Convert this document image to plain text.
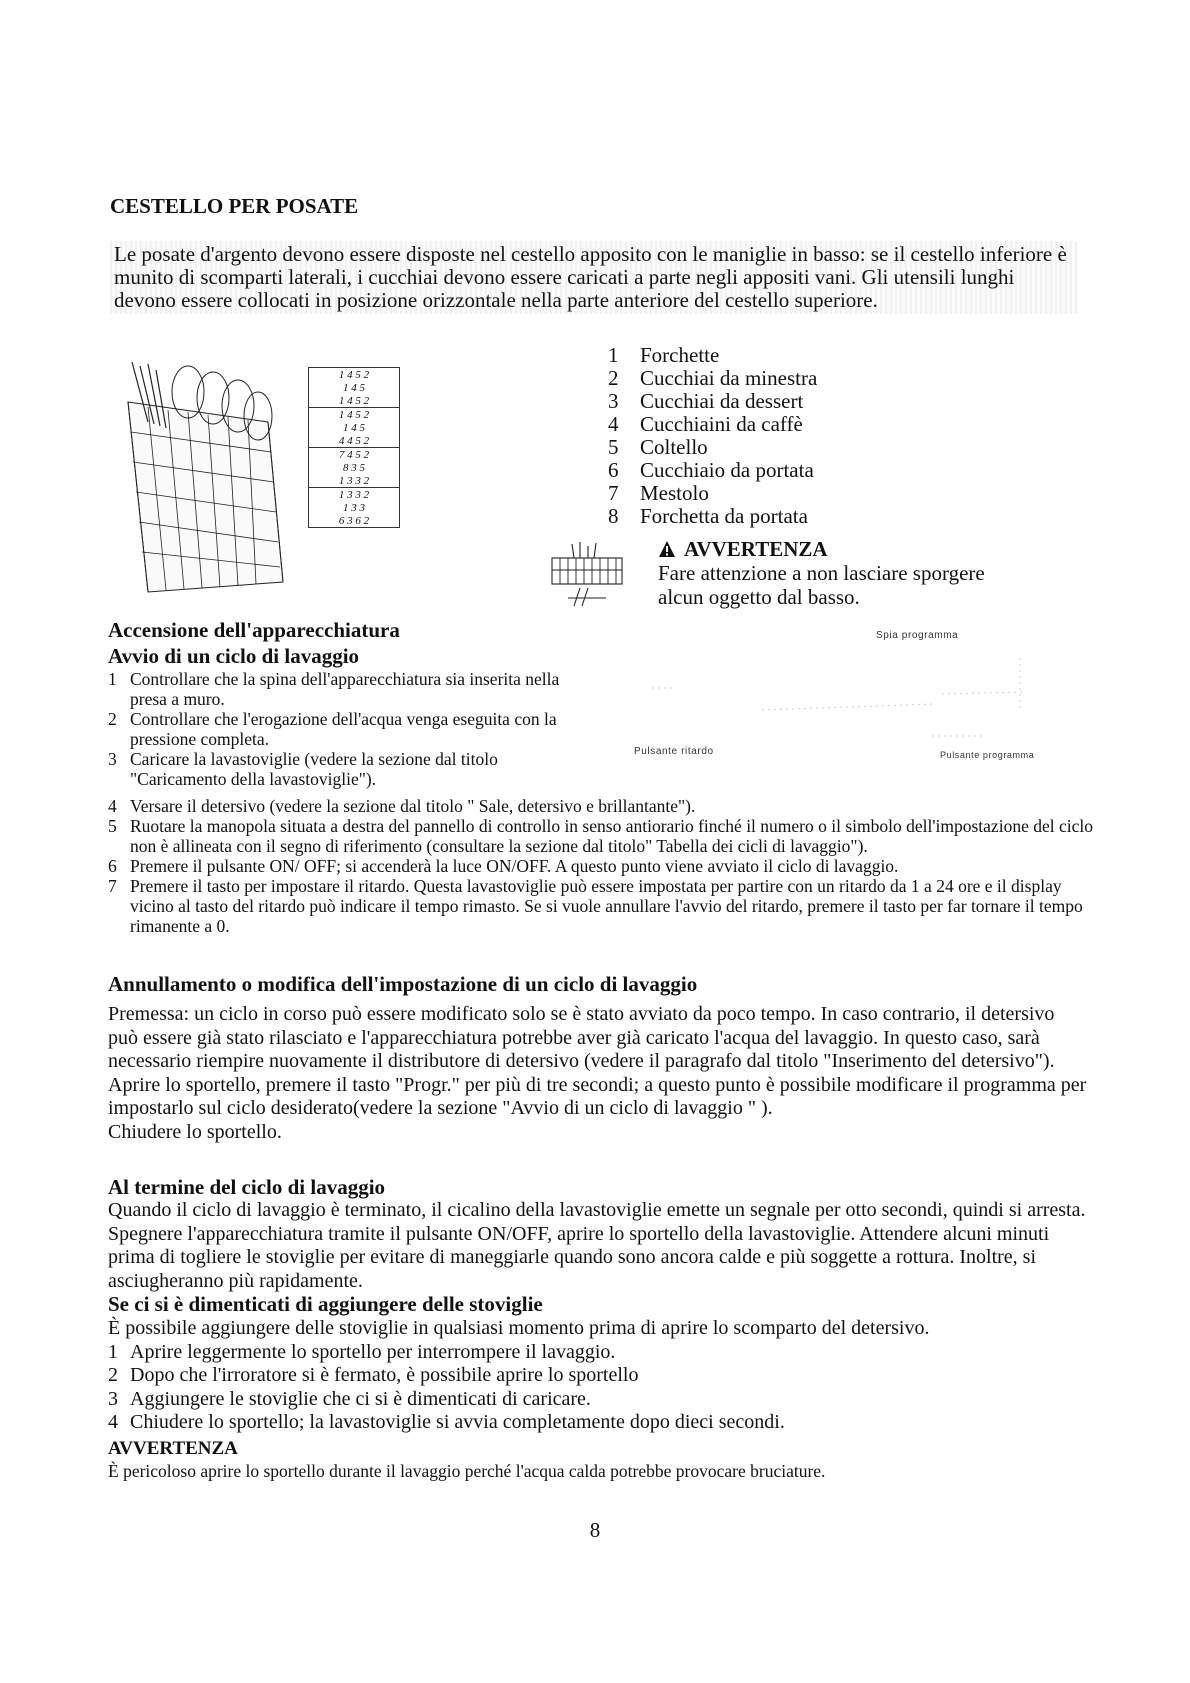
CESTELLO PER POSATE
Le posate d'argento devono essere disposte nel cestello apposito con le maniglie in basso: se il cestello inferiore è munito di scomparti laterali, i cucchiai devono essere caricati a parte negli appositi vani. Gli utensili lunghi devono essere collocati in posizione orizzontale nella parte anteriore del cestello superiore.
1 4 5 2
1 4 5
1 4 5 2
1 4 5 2
1 4 5
4 4 5 2
7 4 5 2
8 3 5
1 3 3 2
1 3 3 2
1 3 3
6 3 6 2
1	Forchette
2	Cucchiai da minestra
3	Cucchiai da dessert
4	Cucchiaini da caffè
5	Coltello
6	Cucchiaio da portata
7	Mestolo
8	Forchetta da portata
AVVERTENZA
Fare attenzione a non lasciare sporgere
alcun oggetto dal basso.
Spia programma
Pulsante ritardo	Pulsante programma
Accensione dell'apparecchiatura
Avvio di un ciclo di lavaggio
1 Controllare che la spina dell'apparecchiatura sia inserita nella presa a muro.
2 Controllare che l'erogazione dell'acqua venga eseguita con la pressione completa.
3 Caricare la lavastoviglie (vedere la sezione dal titolo "Caricamento della lavastoviglie").
4 Versare il detersivo (vedere la sezione dal titolo " Sale, detersivo e brillantante").
5 Ruotare la manopola situata a destra del pannello di controllo in senso antiorario finché il numero o il simbolo dell'impostazione del ciclo non è allineata con il segno di riferimento (consultare la sezione dal titolo" Tabella dei cicli di lavaggio").
6 Premere il pulsante ON/ OFF; si accenderà la luce ON/OFF. A questo punto viene avviato il ciclo di lavaggio.
7 Premere il tasto per impostare il ritardo. Questa lavastoviglie può essere impostata per partire con un ritardo da 1 a 24 ore e il display vicino al tasto del ritardo può indicare il tempo rimasto. Se si vuole annullare l'avvio del ritardo, premere il tasto per far tornare il tempo rimanente a 0.
Annullamento o modifica dell'impostazione di un ciclo di lavaggio
Premessa: un ciclo in corso può essere modificato solo se è stato avviato da poco tempo. In caso contrario, il detersivo può essere già stato rilasciato e l'apparecchiatura potrebbe aver già caricato l'acqua del lavaggio. In questo caso, sarà necessario riempire nuovamente il distributore di detersivo (vedere il paragrafo dal titolo "Inserimento del detersivo").
Aprire lo sportello, premere il tasto "Progr." per più di tre secondi; a questo punto è possibile modificare il programma per impostarlo sul ciclo desiderato(vedere la sezione "Avvio di un ciclo di lavaggio " ).
Chiudere lo sportello.
Al termine del ciclo di lavaggio
Quando il ciclo di lavaggio è terminato, il cicalino della lavastoviglie emette un segnale per otto secondi, quindi si arresta. Spegnere l'apparecchiatura tramite il pulsante ON/OFF, aprire lo sportello della lavastoviglie. Attendere alcuni minuti prima di togliere le stoviglie per evitare di maneggiarle quando sono ancora calde e più soggette a rottura. Inoltre, si asciugheranno più rapidamente.
Se ci si è dimenticati di aggiungere delle stoviglie
È possibile aggiungere delle stoviglie in qualsiasi momento prima di aprire lo scomparto del detersivo.
1 Aprire leggermente lo sportello per interrompere il lavaggio.
2 Dopo che l'irroratore si è fermato, è possibile aprire lo sportello
3 Aggiungere le stoviglie che ci si è dimenticati di caricare.
4 Chiudere lo sportello; la lavastoviglie si avvia completamente dopo dieci secondi.
AVVERTENZA
È pericoloso aprire lo sportello durante il lavaggio perché l'acqua calda potrebbe provocare bruciature.
8
